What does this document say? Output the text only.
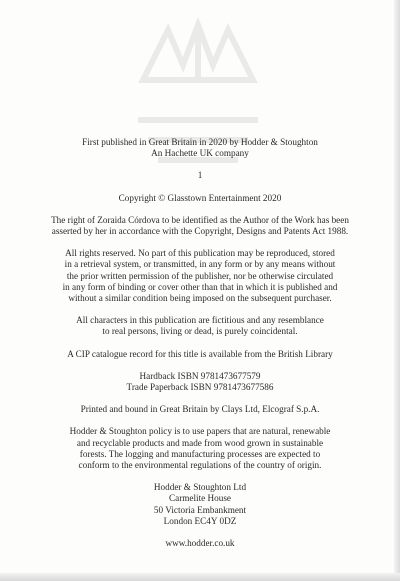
First published in Great Britain in 2020 by Hodder & Stoughton

An Hachette UK company

1

Copyright © Glasstown Entertainment 2020

The right of Zoraida Córdova to be identified as the Author of the Work has been

asserted by her in accordance with the Copyright, Designs and Patents Act 1988.

All rights reserved. No part of this publication may be reproduced, stored

in a retrieval system, or transmitted, in any form or by any means without

the prior written permission of the publisher, nor be otherwise circulated

in any form of binding or cover other than that in which it is published and

without a similar condition being imposed on the subsequent purchaser.

All characters in this publication are fictitious and any resemblance

to real persons, living or dead, is purely coincidental.

A CIP catalogue record for this title is available from the British Library

Hardback ISBN 9781473677579

Trade Paperback ISBN 9781473677586

Printed and bound in Great Britain by Clays Ltd, Elcograf S.p.A.

Hodder & Stoughton policy is to use papers that are natural, renewable

and recyclable products and made from wood grown in sustainable

forests. The logging and manufacturing processes are expected to

conform to the environmental regulations of the country of origin.

Hodder & Stoughton Ltd

Carmelite House

50 Victoria Embankment

London EC4Y 0DZ

www.hodder.co.uk
